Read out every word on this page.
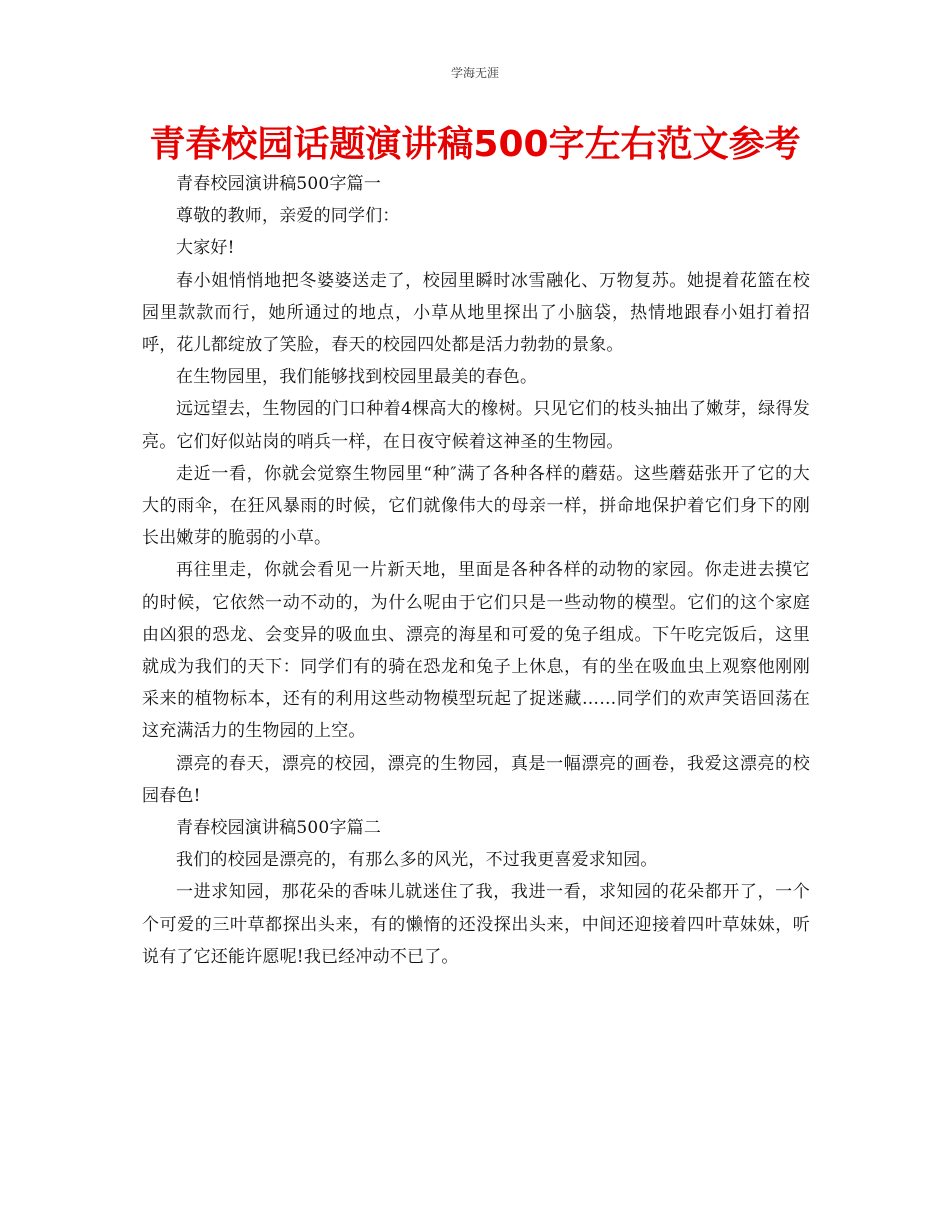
学海无涯
青春校园话题演讲稿500字左右范文参考

青春校园演讲稿500字篇一

尊敬的教师，亲爱的同学们：

大家好!

春小姐悄悄地把冬婆婆送走了，校园里瞬时冰雪融化、万物复苏。她提着花篮在校园里款款而行，她所通过的地点，小草从地里探出了小脑袋，热情地跟春小姐打着招呼，花儿都绽放了笑脸，春天的校园四处都是活力勃勃的景象。

在生物园里，我们能够找到校园里最美的春色。

远远望去，生物园的门口种着4棵高大的橡树。只见它们的枝头抽出了嫩芽，绿得发亮。它们好似站岗的哨兵一样，在日夜守候着这神圣的生物园。

走近一看，你就会觉察生物园里“种″满了各种各样的蘑菇。这些蘑菇张开了它的大大的雨伞，在狂风暴雨的时候，它们就像伟大的母亲一样，拼命地保护着它们身下的刚长出嫩芽的脆弱的小草。

再往里走，你就会看见一片新天地，里面是各种各样的动物的家园。你走进去摸它的时候，它依然一动不动的，为什么呢由于它们只是一些动物的模型。它们的这个家庭由凶狠的恐龙、会变异的吸血虫、漂亮的海星和可爱的兔子组成。下午吃完饭后，这里就成为我们的天下：同学们有的骑在恐龙和兔子上休息，有的坐在吸血虫上观察他刚刚采来的植物标本，还有的利用这些动物模型玩起了捉迷藏……同学们的欢声笑语回荡在这充满活力的生物园的上空。

漂亮的春天，漂亮的校园，漂亮的生物园，真是一幅漂亮的画卷，我爱这漂亮的校园春色!

青春校园演讲稿500字篇二

我们的校园是漂亮的，有那么多的风光，不过我更喜爱求知园。

一进求知园，那花朵的香味儿就迷住了我，我进一看，求知园的花朵都开了，一个个可爱的三叶草都探出头来，有的懒惰的还没探出头来，中间还迎接着四叶草妹妹，听说有了它还能许愿呢!我已经冲动不已了。
